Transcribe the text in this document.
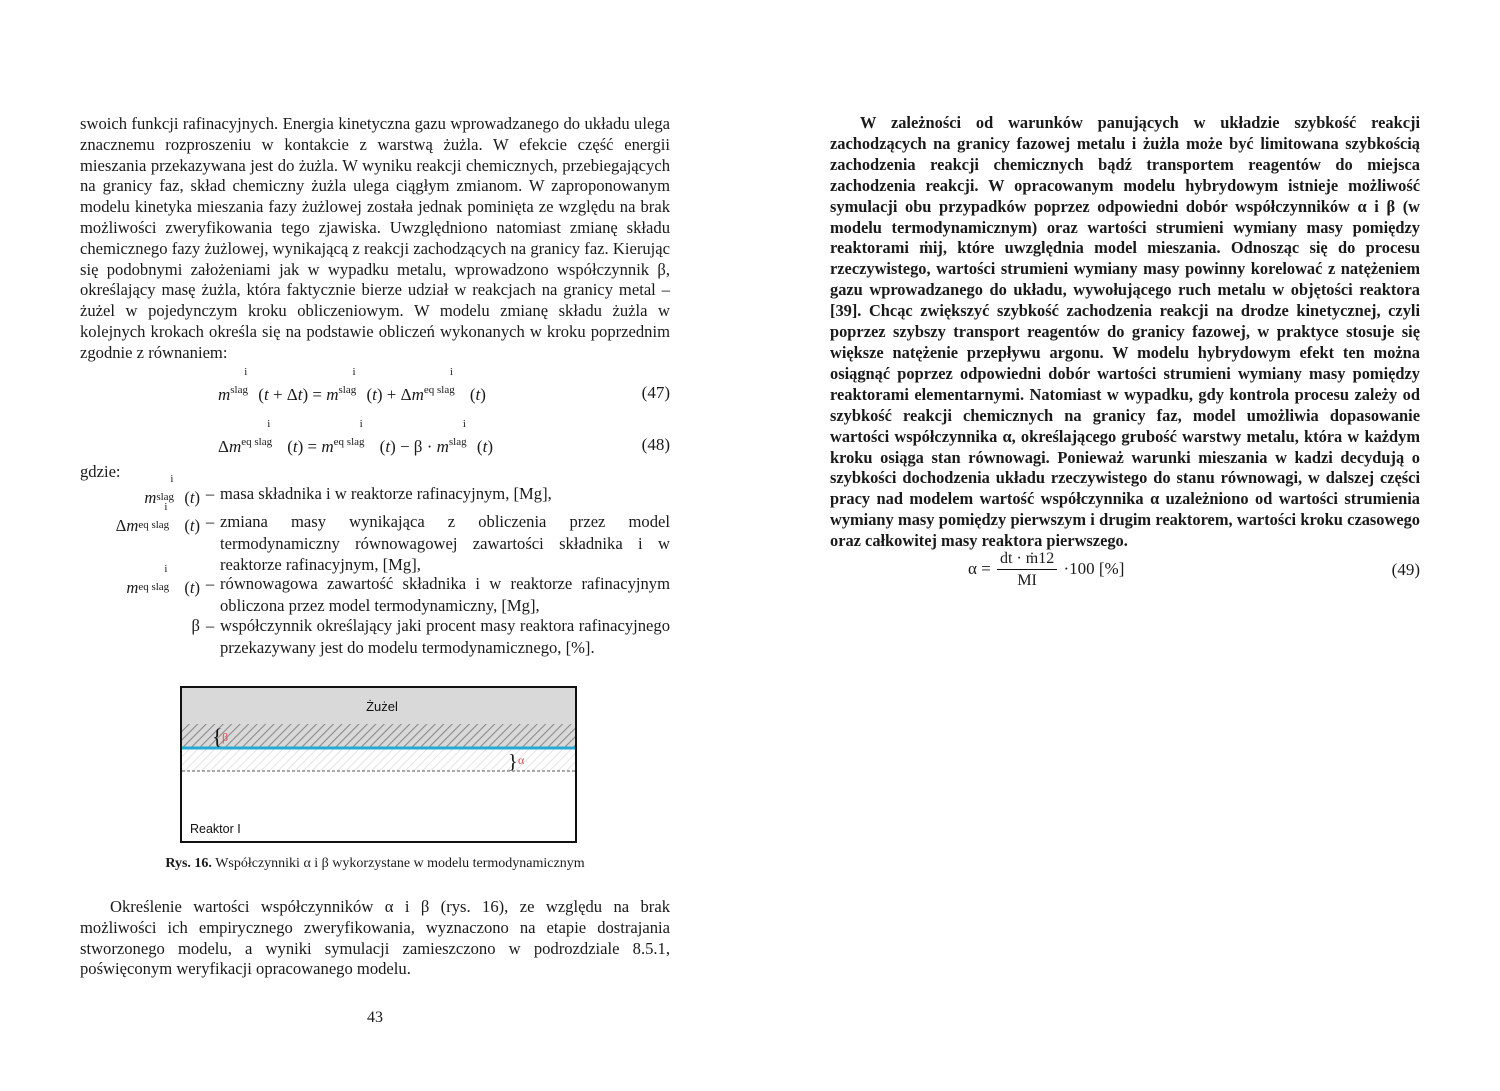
swoich funkcji rafinacyjnych. Energia kinetyczna gazu wprowadzanego do układu ulega znacznemu rozproszeniu w kontakcie z warstwą żużla. W efekcie część energii mieszania przekazywana jest do żużla. W wyniku reakcji chemicznych, przebiegających na granicy faz, skład chemiczny żużla ulega ciągłym zmianom. W zaproponowanym modelu kinetyka mieszania fazy żużlowej została jednak pominięta ze względu na brak możliwości zweryfikowania tego zjawiska. Uwzględniono natomiast zmianę składu chemicznego fazy żużlowej, wynikającą z reakcji zachodzących na granicy faz. Kierując się podobnymi założeniami jak w wypadku metalu, wprowadzono współczynnik β, określający masę żużla, która faktycznie bierze udział w reakcjach na granicy metal – żużel w pojedynczym kroku obliczeniowym. W modelu zmianę składu żużla w kolejnych krokach określa się na podstawie obliczeń wykonanych w kroku poprzednim zgodnie z równaniem:

m
i
slag (t + Δt) = m
i
slag (t) + Δm
i
eq slag (t)	(47)
Δm
i
eq slag (t) = m
i
eq slag (t) − β · m
i
slag (t)	(48)
gdzie:
m
i
slag (t) – masa składnika i w reaktorze rafinacyjnym, [Mg],
Δm
i
eq slag (t) – zmiana masy wynikająca z obliczenia przez model termodynamiczny równowagowej zawartości składnika i w reaktorze rafinacyjnym, [Mg],
m
i
eq slag (t) – równowagowa zawartość składnika i w reaktorze rafinacyjnym obliczona przez model termodynamiczny, [Mg],
β – współczynnik określający jaki procent masy reaktora rafinacyjnego przekazywany jest do modelu termodynamicznego, [%].
Żużel
{ β
} α
Reaktor I
Rys. 16. Współczynniki α i β wykorzystane w modelu termodynamicznym

Określenie wartości współczynników α i β (rys. 16), ze względu na brak możliwości ich empirycznego zweryfikowania, wyznaczono na etapie dostrajania stworzonego modelu, a wyniki symulacji zamieszczono w podrozdziale 8.5.1, poświęconym weryfikacji opracowanego modelu.

43

W zależności od warunków panujących w układzie szybkość reakcji zachodzących na granicy fazowej metalu i żużla może być limitowana szybkością zachodzenia reakcji chemicznych bądź transportem reagentów do miejsca zachodzenia reakcji. W opracowanym modelu hybrydowym istnieje możliwość symulacji obu przypadków poprzez odpowiedni dobór współczynników α i β (w modelu termodynamicznym) oraz wartości strumieni wymiany masy pomiędzy reaktorami ṁij, które uwzględnia model mieszania. Odnosząc się do procesu rzeczywistego, wartości strumieni wymiany masy powinny korelować z natężeniem gazu wprowadzanego do układu, wywołującego ruch metalu w objętości reaktora [39]. Chcąc zwiększyć szybkość zachodzenia reakcji na drodze kinetycznej, czyli poprzez szybszy transport reagentów do granicy fazowej, w praktyce stosuje się większe natężenie przepływu argonu. W modelu hybrydowym efekt ten można osiągnąć poprzez odpowiedni dobór wartości strumieni wymiany masy pomiędzy reaktorami elementarnymi. Natomiast w wypadku, gdy kontrola procesu zależy od szybkość reakcji chemicznych na granicy faz, model umożliwia dopasowanie wartości współczynnika α, określającego grubość warstwy metalu, która w każdym kroku osiąga stan równowagi. Ponieważ warunki mieszania w kadzi decydują o szybkości dochodzenia układu rzeczywistego do stanu równowagi, w dalszej części pracy nad modelem wartość współczynnika α uzależniono od wartości strumienia wymiany masy pomiędzy pierwszym i drugim reaktorem, wartości kroku czasowego oraz całkowitej masy reaktora pierwszego.

$\alpha = \frac{\text{dt · ṁ12}}{MI} \cdot 100$ [%]	(49)
